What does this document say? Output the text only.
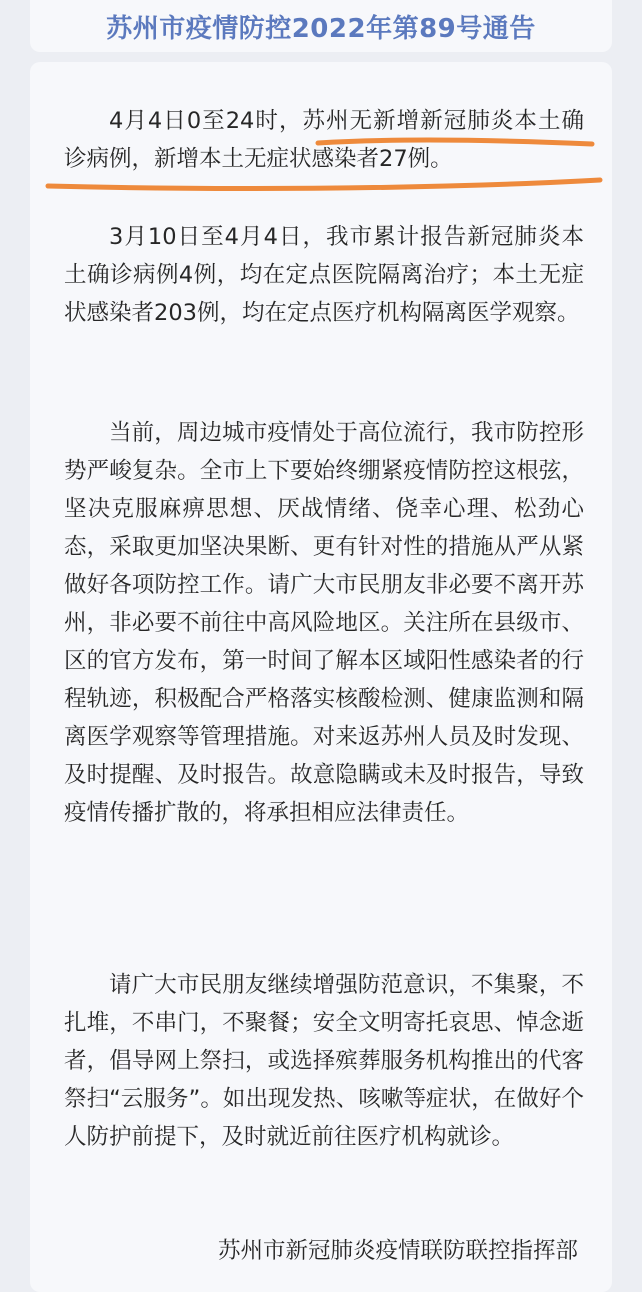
苏州市疫情防控2022年第89号通告

4月4日0至24时，苏州无新增新冠肺炎本土确诊病例，新增本土无症状感染者27例。

3月10日至4月4日，我市累计报告新冠肺炎本土确诊病例4例，均在定点医院隔离治疗；本土无症状感染者203例，均在定点医疗机构隔离医学观察。

当前，周边城市疫情处于高位流行，我市防控形势严峻复杂。全市上下要始终绷紧疫情防控这根弦，坚决克服麻痹思想、厌战情绪、侥幸心理、松劲心态，采取更加坚决果断、更有针对性的措施从严从紧做好各项防控工作。请广大市民朋友非必要不离开苏州，非必要不前往中高风险地区。关注所在县级市、区的官方发布，第一时间了解本区域阳性感染者的行程轨迹，积极配合严格落实核酸检测、健康监测和隔离医学观察等管理措施。对来返苏州人员及时发现、及时提醒、及时报告。故意隐瞒或未及时报告，导致疫情传播扩散的，将承担相应法律责任。

请广大市民朋友继续增强防范意识，不集聚，不扎堆，不串门，不聚餐；安全文明寄托哀思、悼念逝者，倡导网上祭扫，或选择殡葬服务机构推出的代客祭扫“云服务”。如出现发热、咳嗽等症状，在做好个人防护前提下，及时就近前往医疗机构就诊。

苏州市新冠肺炎疫情联防联控指挥部
